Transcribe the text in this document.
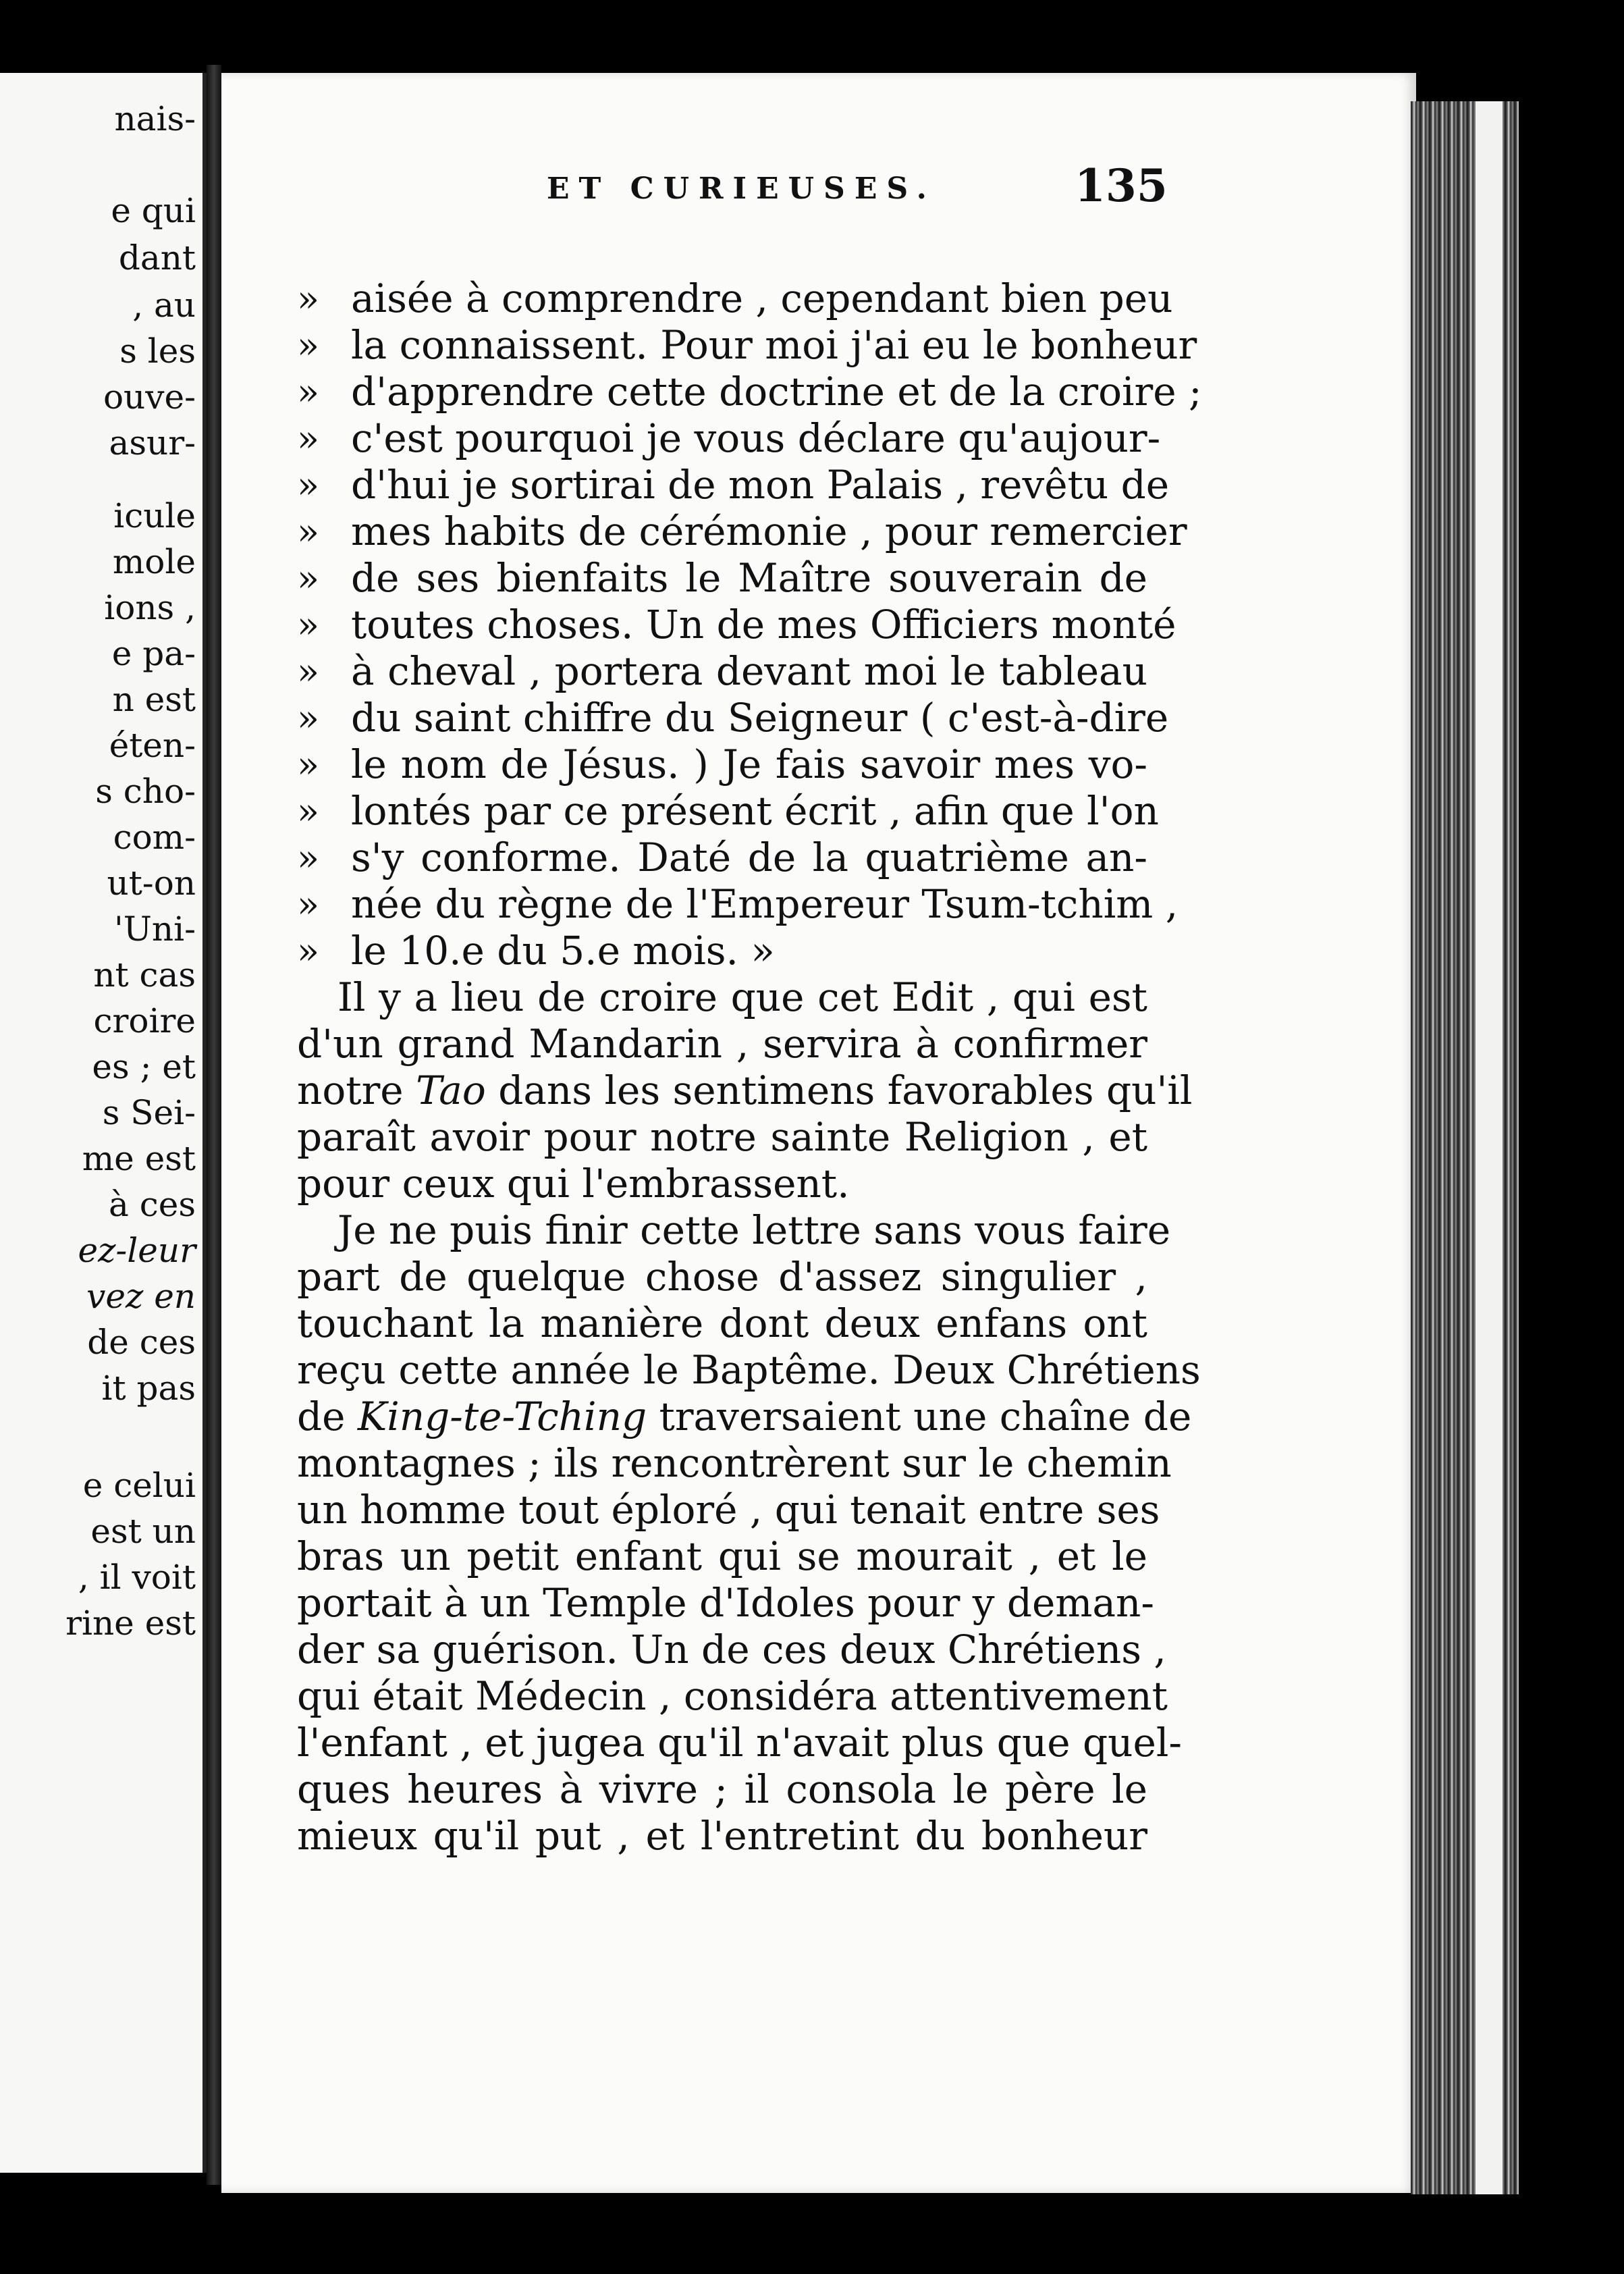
nais-
e qui
dant
, au
s les
ouve-
asur-
icule
mole
ions ,
e pa-
n est
éten-
s cho-
com-
ut-on
'Uni-
nt cas
croire
es ; et
s Sei-
me est
à ces
ez-leur
vez en
de ces
it pas
e celui
est un
, il voit
rine est
ET CURIEUSES.	135
» aisée à comprendre , cependant bien peu
» la connaissent. Pour moi j'ai eu le bonheur
» d'apprendre cette doctrine et de la croire ;
» c'est pourquoi je vous déclare qu'aujour-
» d'hui je sortirai de mon Palais , revêtu de
» mes habits de cérémonie , pour remercier
» de ses bienfaits le Maître souverain de
» toutes choses. Un de mes Officiers monté
» à cheval , portera devant moi le tableau
» du saint chiffre du Seigneur ( c'est-à-dire
» le nom de Jésus. ) Je fais savoir mes vo-
» lontés par ce présent écrit , afin que l'on
» s'y conforme. Daté de la quatrième an-
» née du règne de l'Empereur Tsum-tchim ,
» le 10.e du 5.e mois. »
Il y a lieu de croire que cet Edit , qui est
d'un grand Mandarin , servira à confirmer
notre Tao dans les sentimens favorables qu'il
paraît avoir pour notre sainte Religion , et
pour ceux qui l'embrassent.
Je ne puis finir cette lettre sans vous faire
part de quelque chose d'assez singulier ,
touchant la manière dont deux enfans ont
reçu cette année le Baptême. Deux Chrétiens
de King-te-Tching traversaient une chaîne de
montagnes ; ils rencontrèrent sur le chemin
un homme tout éploré , qui tenait entre ses
bras un petit enfant qui se mourait , et le
portait à un Temple d'Idoles pour y deman-
der sa guérison. Un de ces deux Chrétiens ,
qui était Médecin , considéra attentivement
l'enfant , et jugea qu'il n'avait plus que quel-
ques heures à vivre ; il consola le père le
mieux qu'il put , et l'entretint du bonheur
